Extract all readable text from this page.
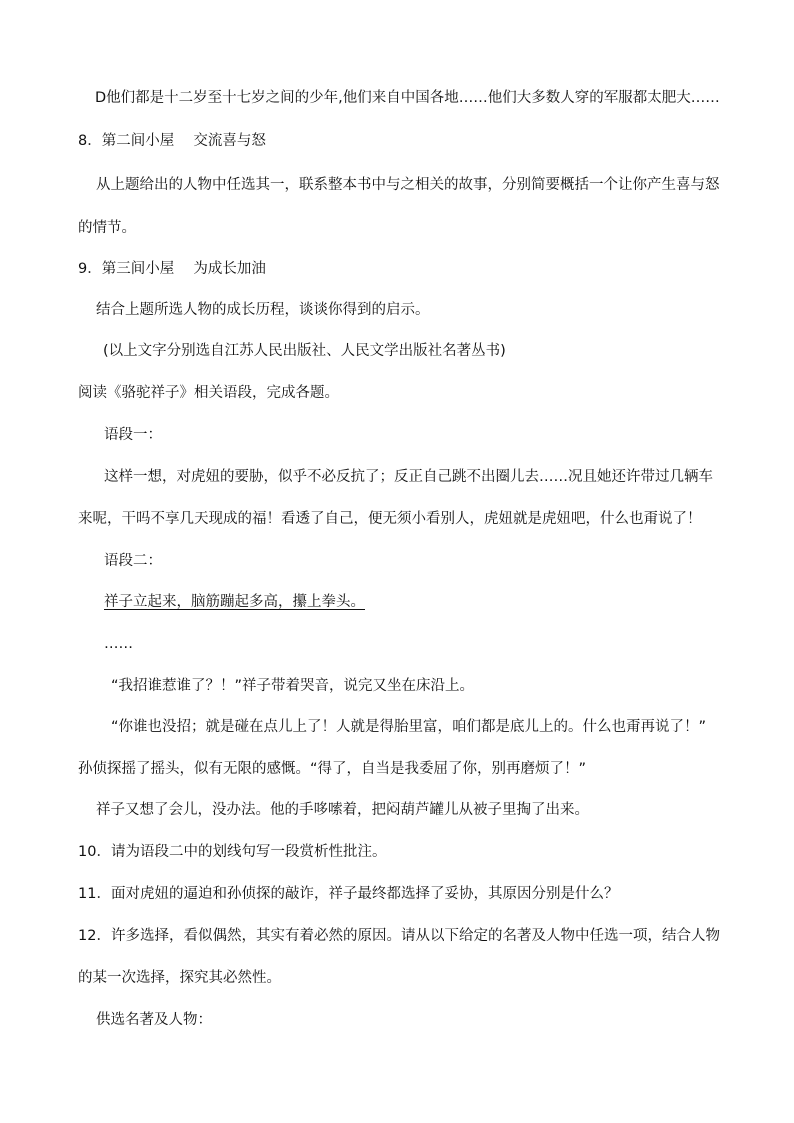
D他们都是十二岁至十七岁之间的少年,他们来自中国各地……他们大多数人穿的军服都太肥大……
8．第二间小屋　 交流喜与怒
从上题给出的人物中任选其一，联系整本书中与之相关的故事，分别简要概括一个让你产生喜与怒
的情节。
9．第三间小屋　 为成长加油
结合上题所选人物的成长历程，谈谈你得到的启示。
(以上文字分别选自江苏人民出版社、人民文学出版社名著丛书)
阅读《骆驼祥子》相关语段，完成各题。
语段一：
这样一想，对虎妞的要胁，似乎不必反抗了；反正自己跳不出圈儿去……况且她还许带过几辆车
来呢，干吗不享几天现成的福！看透了自己，便无须小看别人，虎妞就是虎妞吧，什么也甭说了！
语段二：
祥子立起来，脑筋蹦起多高，攥上拳头。
……
“我招谁惹谁了？！”祥子带着哭音，说完又坐在床沿上。
“你谁也没招；就是碰在点儿上了！人就是得胎里富，咱们都是底儿上的。什么也甭再说了！”
孙侦探摇了摇头，似有无限的感慨。“得了，自当是我委屈了你，别再磨烦了！”
祥子又想了会儿，没办法。他的手哆嗦着，把闷葫芦罐儿从被子里掏了出来。
10．请为语段二中的划线句写一段赏析性批注。
11．面对虎妞的逼迫和孙侦探的敲诈，祥子最终都选择了妥协，其原因分别是什么？
12．许多选择，看似偶然，其实有着必然的原因。请从以下给定的名著及人物中任选一项，结合人物
的某一次选择，探究其必然性。
供选名著及人物：
